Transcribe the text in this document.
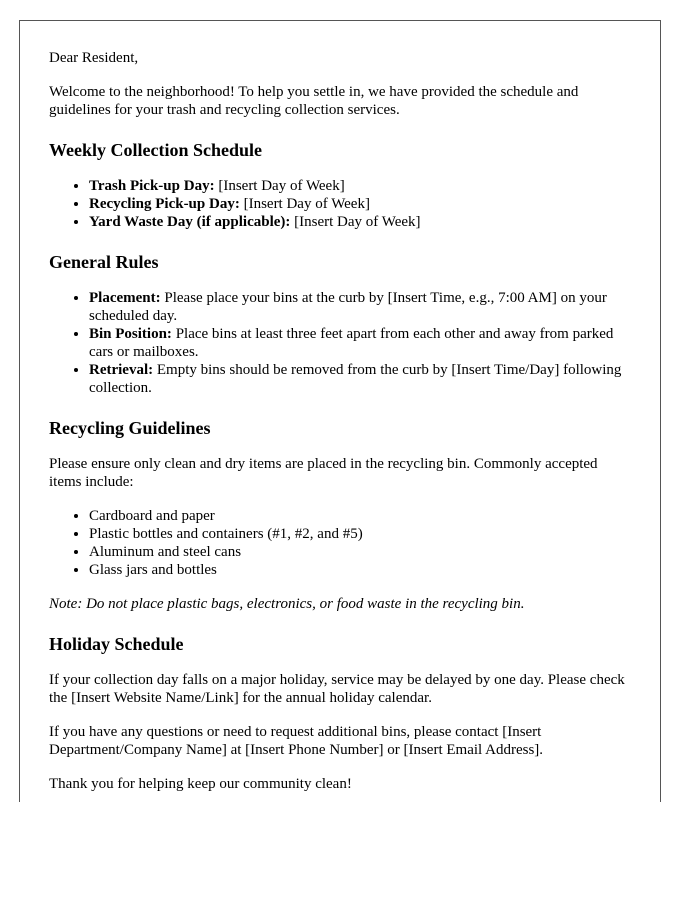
Dear Resident,

Welcome to the neighborhood! To help you settle in, we have provided the schedule and guidelines for your trash and recycling collection services.

Weekly Collection Schedule
• Trash Pick-up Day: [Insert Day of Week]
• Recycling Pick-up Day: [Insert Day of Week]
• Yard Waste Day (if applicable): [Insert Day of Week]
General Rules
• Placement: Please place your bins at the curb by [Insert Time, e.g., 7:00 AM] on your scheduled day.
• Bin Position: Place bins at least three feet apart from each other and away from parked cars or mailboxes.
• Retrieval: Empty bins should be removed from the curb by [Insert Time/Day] following collection.
Recycling Guidelines

Please ensure only clean and dry items are placed in the recycling bin. Commonly accepted items include:

• Cardboard and paper
• Plastic bottles and containers (#1, #2, and #5)
• Aluminum and steel cans
• Glass jars and bottles

Note: Do not place plastic bags, electronics, or food waste in the recycling bin.

Holiday Schedule

If your collection day falls on a major holiday, service may be delayed by one day. Please check the [Insert Website Name/Link] for the annual holiday calendar.

If you have any questions or need to request additional bins, please contact [Insert Department/Company Name] at [Insert Phone Number] or [Insert Email Address].

Thank you for helping keep our community clean!
